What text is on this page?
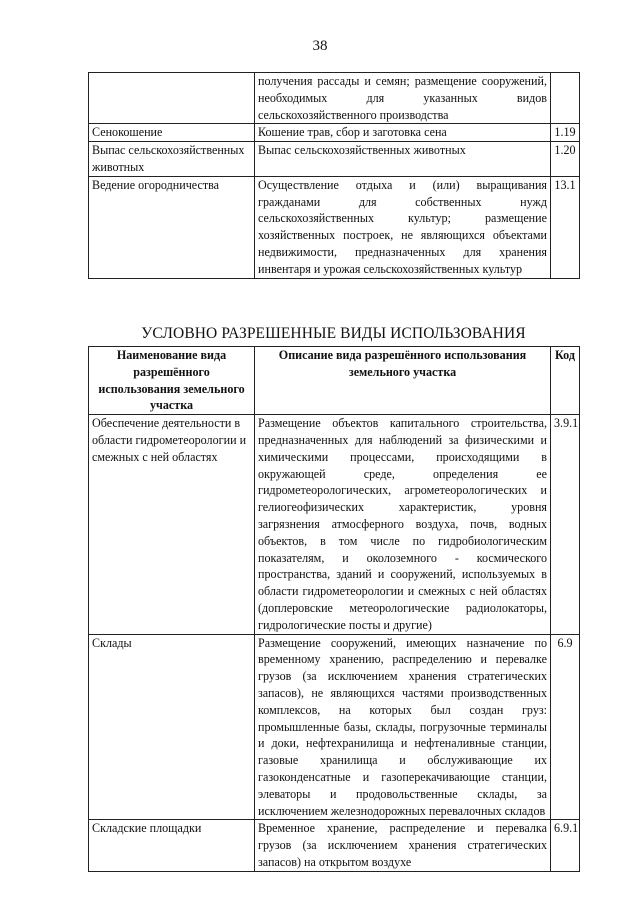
38
	получения рассады и семян; размещение сооружений, необходимых для указанных видов сельскохозяйственного производства	
Сенокошение	Кошение трав, сбор и заготовка сена	1.19
Выпас сельскохозяйственных животных	Выпас сельскохозяйственных животных	1.20
Ведение огородничества	Осуществление отдыха и (или) выращивания гражданами для собственных нужд сельскохозяйственных культур; размещение хозяйственных построек, не являющихся объектами недвижимости, предназначенных для хранения инвентаря и урожая сельскохозяйственных культур	13.1
УСЛОВНО РАЗРЕШЕННЫЕ ВИДЫ ИСПОЛЬЗОВАНИЯ
Наименование вида разрешённого использования земельного участка	Описание вида разрешённого использования земельного участка	Код
Обеспечение деятельности в области гидрометеорологии и смежных с ней областях	Размещение объектов капитального строительства, предназначенных для наблюдений за физическими и химическими процессами, происходящими в окружающей среде, определения ее гидрометеорологических, агрометеорологических и гелиогеофизических характеристик, уровня загрязнения атмосферного воздуха, почв, водных объектов, в том числе по гидробиологическим показателям, и околоземного - космического пространства, зданий и сооружений, используемых в области гидрометеорологии и смежных с ней областях (доплеровские метеорологические радиолокаторы, гидрологические посты и другие)	3.9.1
Склады	Размещение сооружений, имеющих назначение по временному хранению, распределению и перевалке грузов (за исключением хранения стратегических запасов), не являющихся частями производственных комплексов, на которых был создан груз: промышленные базы, склады, погрузочные терминалы и доки, нефтехранилища и нефтеналивные станции, газовые хранилища и обслуживающие их газоконденсатные и газоперекачивающие станции, элеваторы и продовольственные склады, за исключением железнодорожных перевалочных складов	6.9
Складские площадки	Временное хранение, распределение и перевалка грузов (за исключением хранения стратегических запасов) на открытом воздухе	6.9.1
